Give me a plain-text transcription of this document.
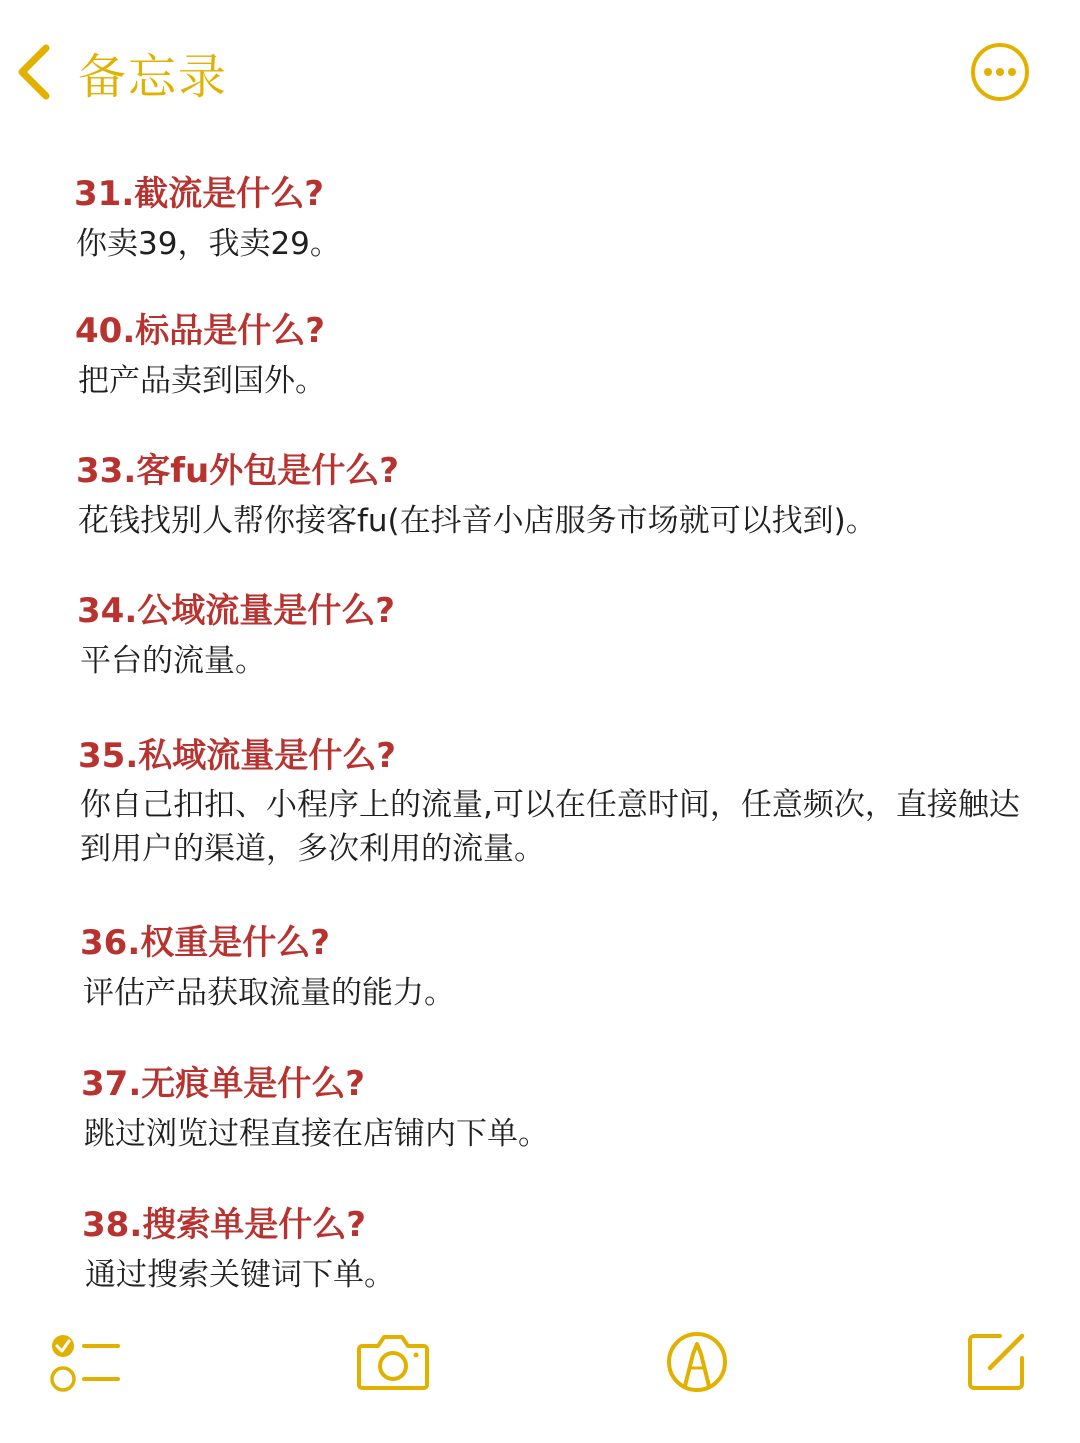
备忘录
31.截流是什么?
你卖39，我卖29。
40.标品是什么?
把产品卖到国外。
33.客fu外包是什么?
花钱找别人帮你接客fu(在抖音小店服务市场就可以找到)。
34.公域流量是什么?
平台的流量。
35.私域流量是什么?
你自己扣扣、小程序上的流量,可以在任意时间，任意频次，直接触达到用户的渠道，多次利用的流量。
36.权重是什么?
评估产品获取流量的能力。
37.无痕单是什么?
跳过浏览过程直接在店铺内下单。
38.搜索单是什么?
通过搜索关键词下单。
